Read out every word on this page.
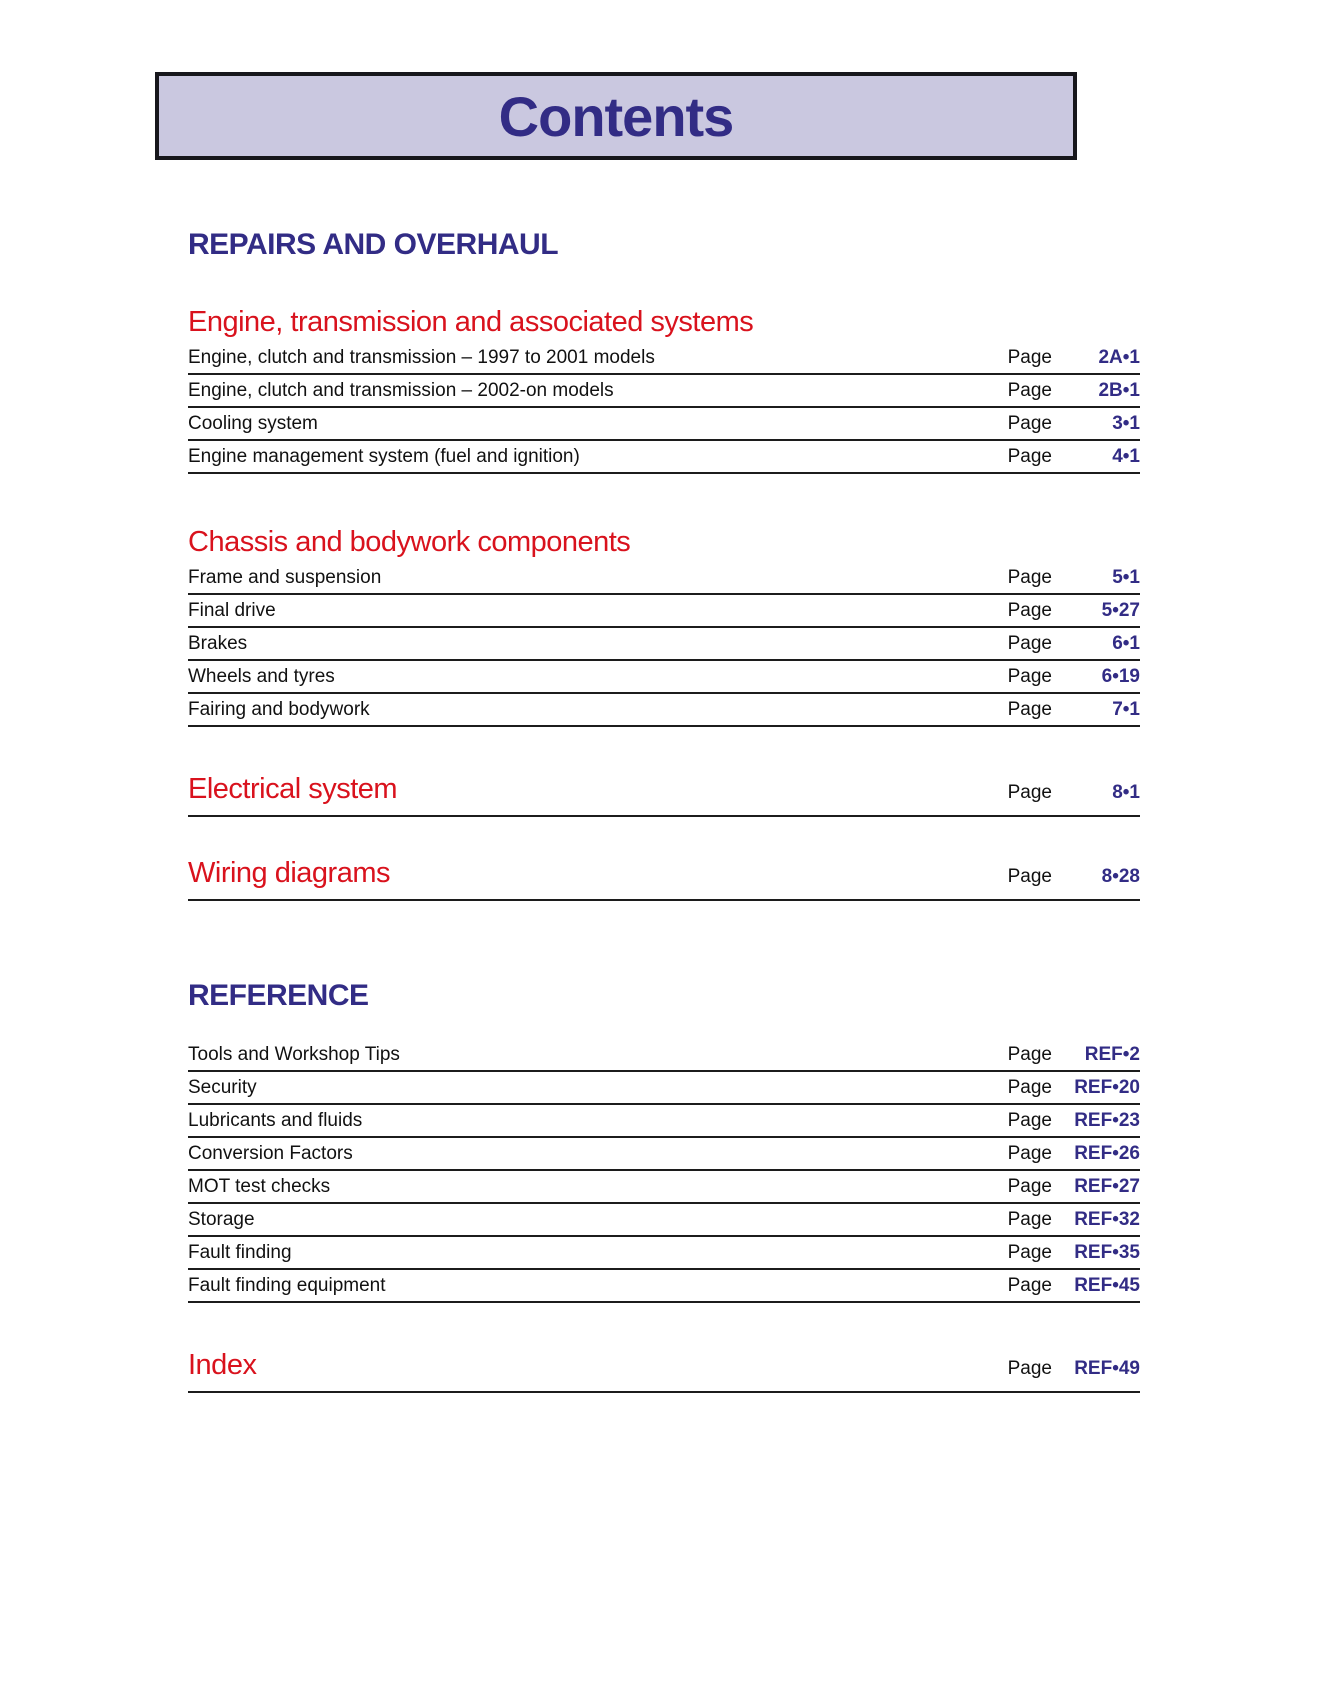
Contents
REPAIRS AND OVERHAUL
Engine, transmission and associated systems
Engine, clutch and transmission – 1997 to 2001 models	Page	2A•1
Engine, clutch and transmission – 2002-on models	Page	2B•1
Cooling system	Page	3•1
Engine management system (fuel and ignition)	Page	4•1
Chassis and bodywork components
Frame and suspension	Page	5•1
Final drive	Page	5•27
Brakes	Page	6•1
Wheels and tyres	Page	6•19
Fairing and bodywork	Page	7•1
Electrical system	Page	8•1
Wiring diagrams	Page	8•28
REFERENCE
Tools and Workshop Tips	Page	REF•2
Security	Page	REF•20
Lubricants and fluids	Page	REF•23
Conversion Factors	Page	REF•26
MOT test checks	Page	REF•27
Storage	Page	REF•32
Fault finding	Page	REF•35
Fault finding equipment	Page	REF•45
Index	Page	REF•49
